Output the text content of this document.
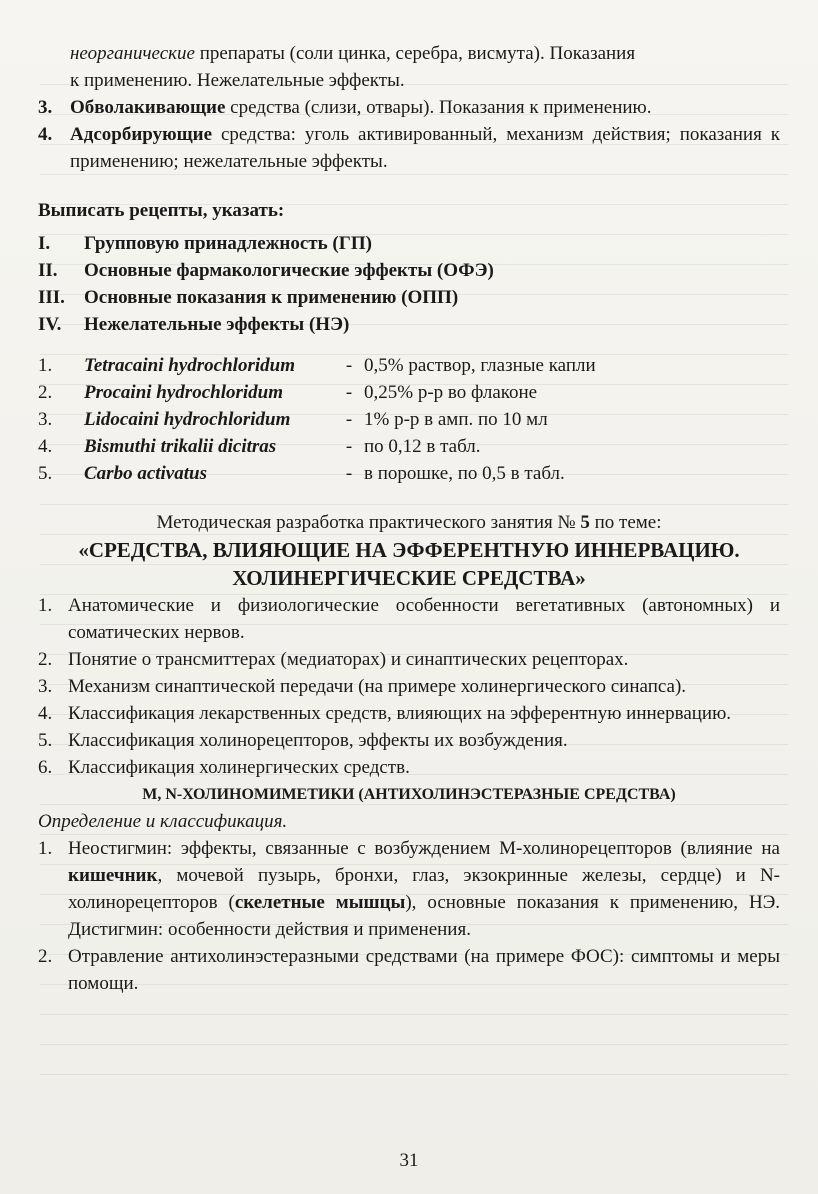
неорганические препараты (соли цинка, серебра, висмута). Показания
к применению. Нежелательные эффекты.
3. Обволакивающие средства (слизи, отвары). Показания к применению.
4. Адсорбирующие средства: уголь активированный, механизм действия; показания к применению; нежелательные эффекты.
Выписать рецепты, указать:
I.	Групповую принадлежность (ГП)
II.	Основные фармакологические эффекты (ОФЭ)
III.	Основные показания к применению (ОПП)
IV.	Нежелательные эффекты (НЭ)
1.	Tetracaini hydrochloridum	- 0,5% раствор, глазные капли
2.	Procaini hydrochloridum	- 0,25% р-р во флаконе
3.	Lidocaini hydrochloridum	- 1% р-р в амп. по 10 мл
4.	Bismuthi trikalii dicitras	- по 0,12 в табл.
5.	Carbo activatus	- в порошке, по 0,5 в табл.
Методическая разработка практического занятия № 5 по теме:
«СРЕДСТВА, ВЛИЯЮЩИЕ НА ЭФФЕРЕНТНУЮ ИННЕРВАЦИЮ.
ХОЛИНЕРГИЧЕСКИЕ СРЕДСТВА»
1. Анатомические и физиологические особенности вегетативных (автономных) и соматических нервов.
2. Понятие о трансмиттерах (медиаторах) и синаптических рецепторах.
3. Механизм синаптической передачи (на примере холинергического синапса).
4. Классификация лекарственных средств, влияющих на эфферентную иннервацию.
5. Классификация холинорецепторов, эффекты их возбуждения.
6. Классификация холинергических средств.
М, N-ХОЛИНОМИМЕТИКИ (АНТИХОЛИНЭСТЕРАЗНЫЕ СРЕДСТВА)
Определение и классификация.
1. Неостигмин: эффекты, связанные с возбуждением М-холинорецепторов (влияние на кишечник, мочевой пузырь, бронхи, глаз, экзокринные железы, сердце) и N-холинорецепторов (скелетные мышцы), основные показания к применению, НЭ. Дистигмин: особенности действия и применения.
2. Отравление антихолинэстеразными средствами (на примере ФОС): симптомы и меры помощи.
31
